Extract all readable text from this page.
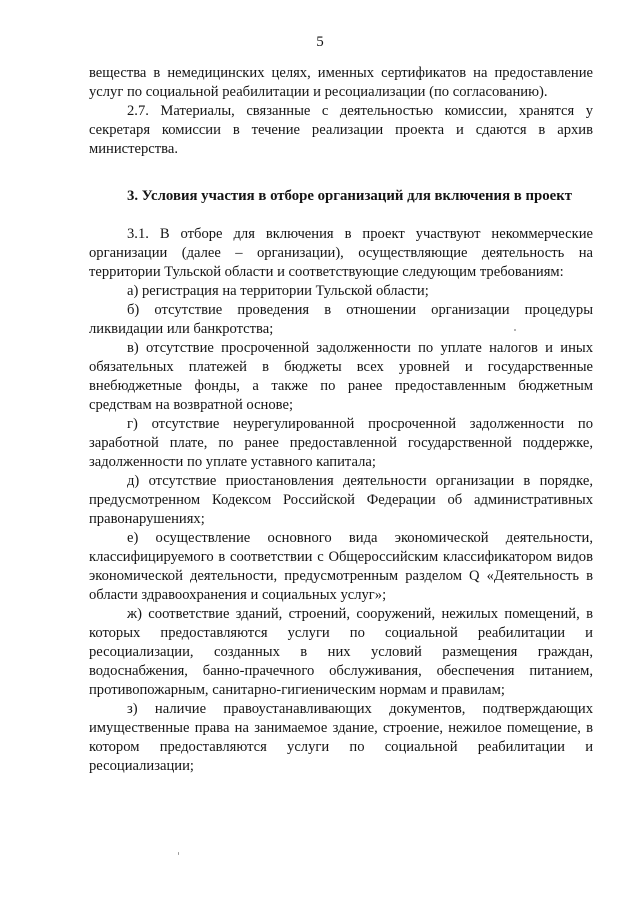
5

вещества в немедицинских целях, именных сертификатов на предоставление услуг по социальной реабилитации и ресоциализации (по согласованию).

2.7. Материалы, связанные с деятельностью комиссии, хранятся у секретаря комиссии в течение реализации проекта и сдаются в архив министерства.

3. Условия участия в отборе организаций для включения в проект

3.1. В отборе для включения в проект участвуют некоммерческие организации (далее – организации), осуществляющие деятельность на территории Тульской области и соответствующие следующим требованиям:

а) регистрация на территории Тульской области;

б) отсутствие проведения в отношении организации процедуры ликвидации или банкротства;

в) отсутствие просроченной задолженности по уплате налогов и иных обязательных платежей в бюджеты всех уровней и государственные внебюджетные фонды, а также по ранее предоставленным бюджетным средствам на возвратной основе;

г) отсутствие неурегулированной просроченной задолженности по заработной плате, по ранее предоставленной государственной поддержке, задолженности по уплате уставного капитала;

д) отсутствие приостановления деятельности организации в порядке, предусмотренном Кодексом Российской Федерации об административных правонарушениях;

е) осуществление основного вида экономической деятельности, классифицируемого в соответствии с Общероссийским классификатором видов экономической деятельности, предусмотренным разделом Q «Деятельность в области здравоохранения и социальных услуг»;

ж) соответствие зданий, строений, сооружений, нежилых помещений, в которых предоставляются услуги по социальной реабилитации и ресоциализации, созданных в них условий размещения граждан, водоснабжения, банно-прачечного обслуживания, обеспечения питанием, противопожарным, санитарно-гигиеническим нормам и правилам;

з) наличие правоустанавливающих документов, подтверждающих имущественные права на занимаемое здание, строение, нежилое помещение, в котором предоставляются услуги по социальной реабилитации и ресоциализации;
